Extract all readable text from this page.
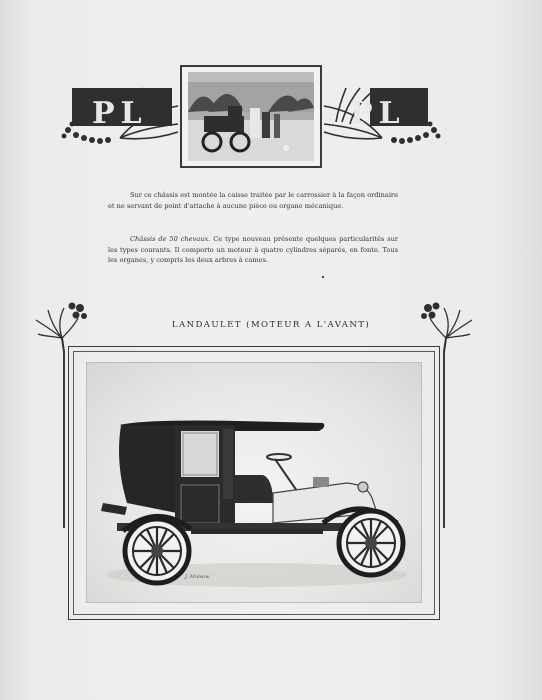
PL	PL
Sur ce châssis est montée la caisse traitée par le carrossier à la façon ordinaire et ne servant de point d'attache à aucune pièce ou organe mécanique.
Châssis de 50 chevaux. Ce type nouveau présente quelques particularités sur les types courants. Il comporte un moteur à quatre cylindres séparés, en fonte. Tous les organes, y compris les deux arbres à cames.
LANDAULET (MOTEUR A L'AVANT)
J. Mulsow
